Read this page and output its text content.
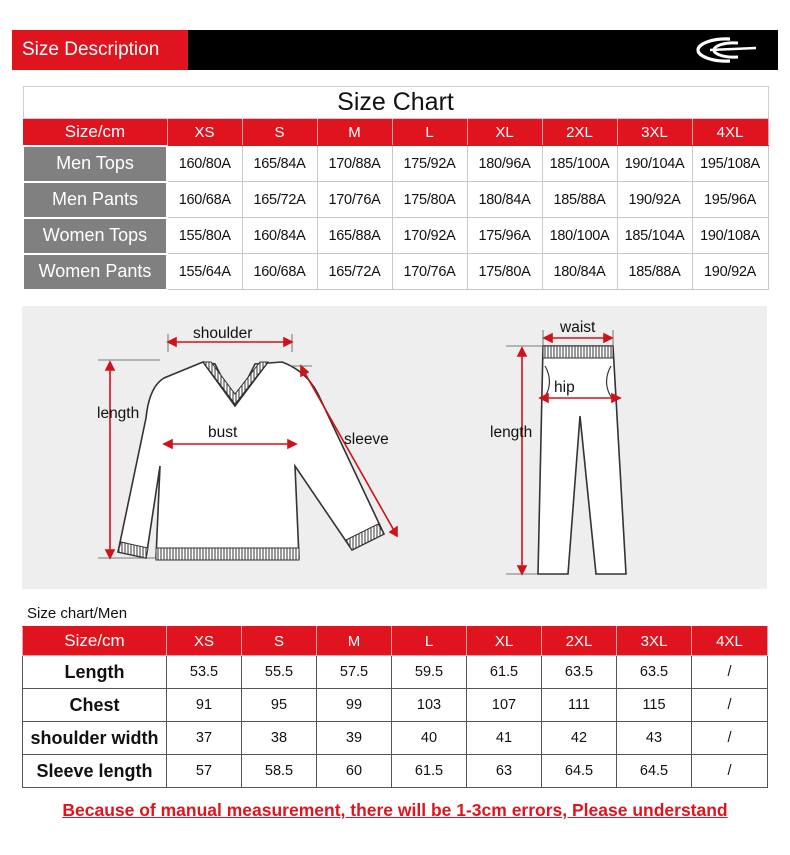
Size Description
Size Chart								
Size/cm	XS	S	M	L	XL	2XL	3XL	4XL
Men Tops	160/80A	165/84A	170/88A	175/92A	180/96A	185/100A	190/104A	195/108A
Men Pants	160/68A	165/72A	170/76A	175/80A	180/84A	185/88A	190/92A	195/96A
Women Tops	155/80A	160/84A	165/88A	170/92A	175/96A	180/100A	185/104A	190/108A
Women Pants	155/64A	160/68A	165/72A	170/76A	175/80A	180/84A	185/88A	190/92A
shoulder
length
bust	sleeve
waist
hip
length
Size chart/Men
Size/cm	XS	S	M	L	XL	2XL	3XL	4XL
Length	53.5	55.5	57.5	59.5	61.5	63.5	63.5	/
Chest	91	95	99	103	107	111	115	/
shoulder width	37	38	39	40	41	42	43	/
Sleeve length	57	58.5	60	61.5	63	64.5	64.5	/
Because of manual measurement, there will be 1-3cm errors, Please understand
